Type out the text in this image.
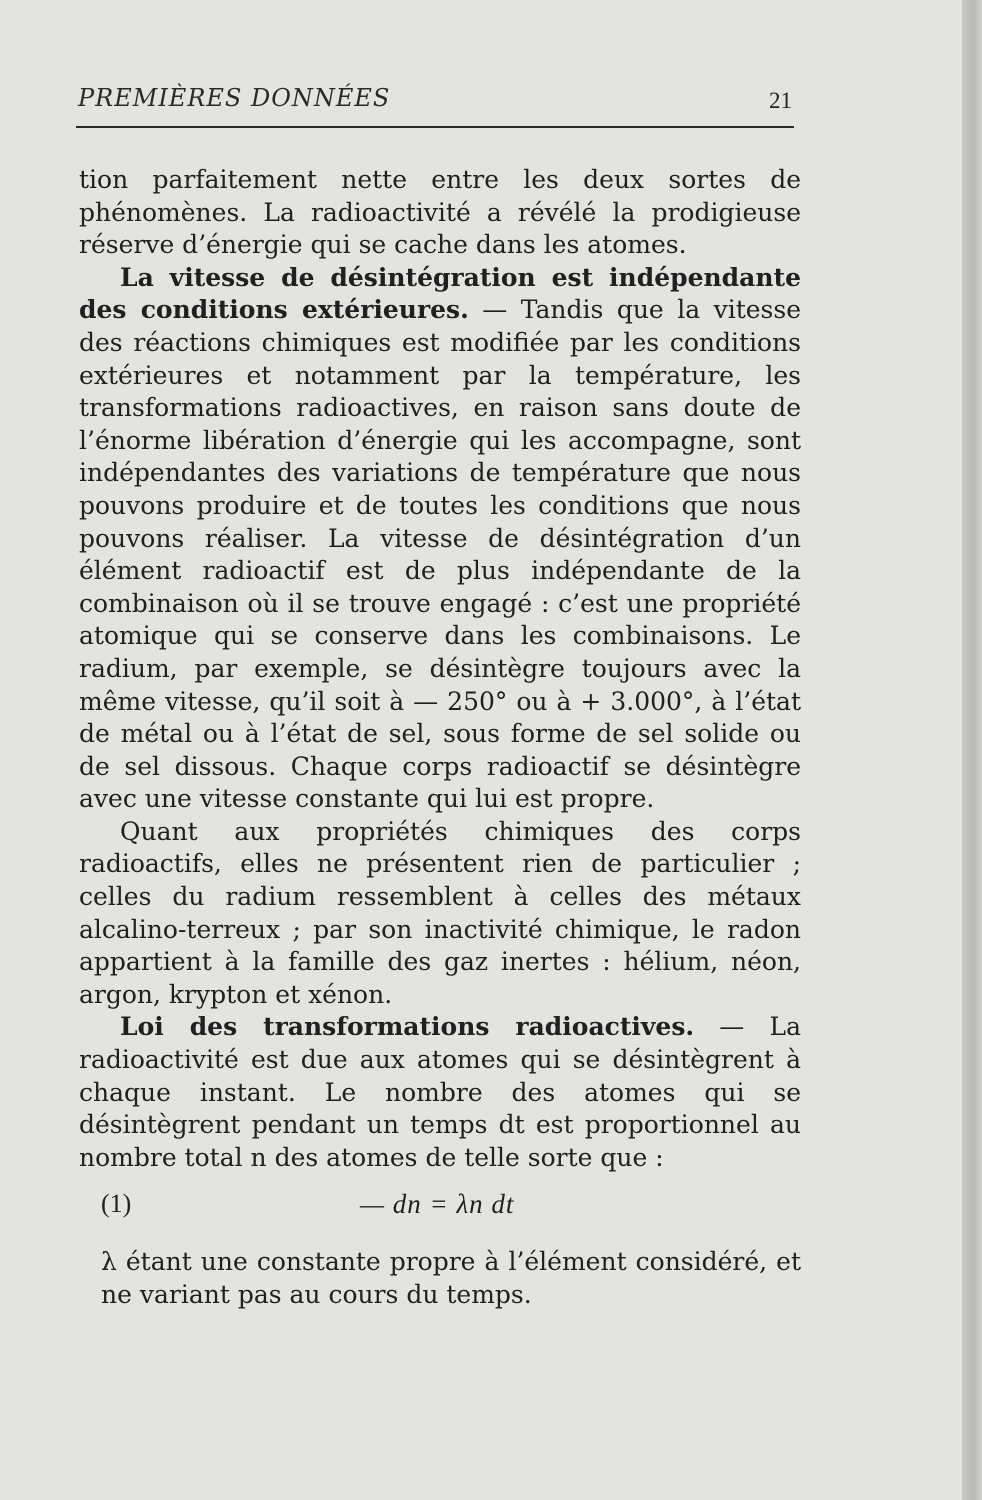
PREMIÈRES DONNÉES	21

tion parfaitement nette entre les deux sortes de phénomènes. La radioactivité a révélé la prodigieuse réserve d’énergie qui se cache dans les atomes.

La vitesse de désintégration est indépendante des conditions extérieures. — Tandis que la vitesse des réactions chimiques est modifiée par les conditions extérieures et notamment par la température, les transformations radioactives, en raison sans doute de l’énorme libération d’énergie qui les accompagne, sont indépendantes des variations de température que nous pouvons produire et de toutes les conditions que nous pouvons réaliser. La vitesse de désintégration d’un élément radioactif est de plus indépendante de la combinaison où il se trouve engagé : c’est une propriété atomique qui se conserve dans les combinaisons. Le radium, par exemple, se désintègre toujours avec la même vitesse, qu’il soit à — 250° ou à + 3.000°, à l’état de métal ou à l’état de sel, sous forme de sel solide ou de sel dissous. Chaque corps radioactif se désintègre avec une vitesse constante qui lui est propre.

Quant aux propriétés chimiques des corps radioactifs, elles ne présentent rien de particulier ; celles du radium ressemblent à celles des métaux alcalino-terreux ; par son inactivité chimique, le radon appartient à la famille des gaz inertes : hélium, néon, argon, krypton et xénon.

Loi des transformations radioactives. — La radioactivité est due aux atomes qui se désintègrent à chaque instant. Le nombre des atomes qui se désintègrent pendant un temps dt est proportionnel au nombre total n des atomes de telle sorte que :

(1)	— dn = λn dt

λ étant une constante propre à l’élément considéré, et ne variant pas au cours du temps.
